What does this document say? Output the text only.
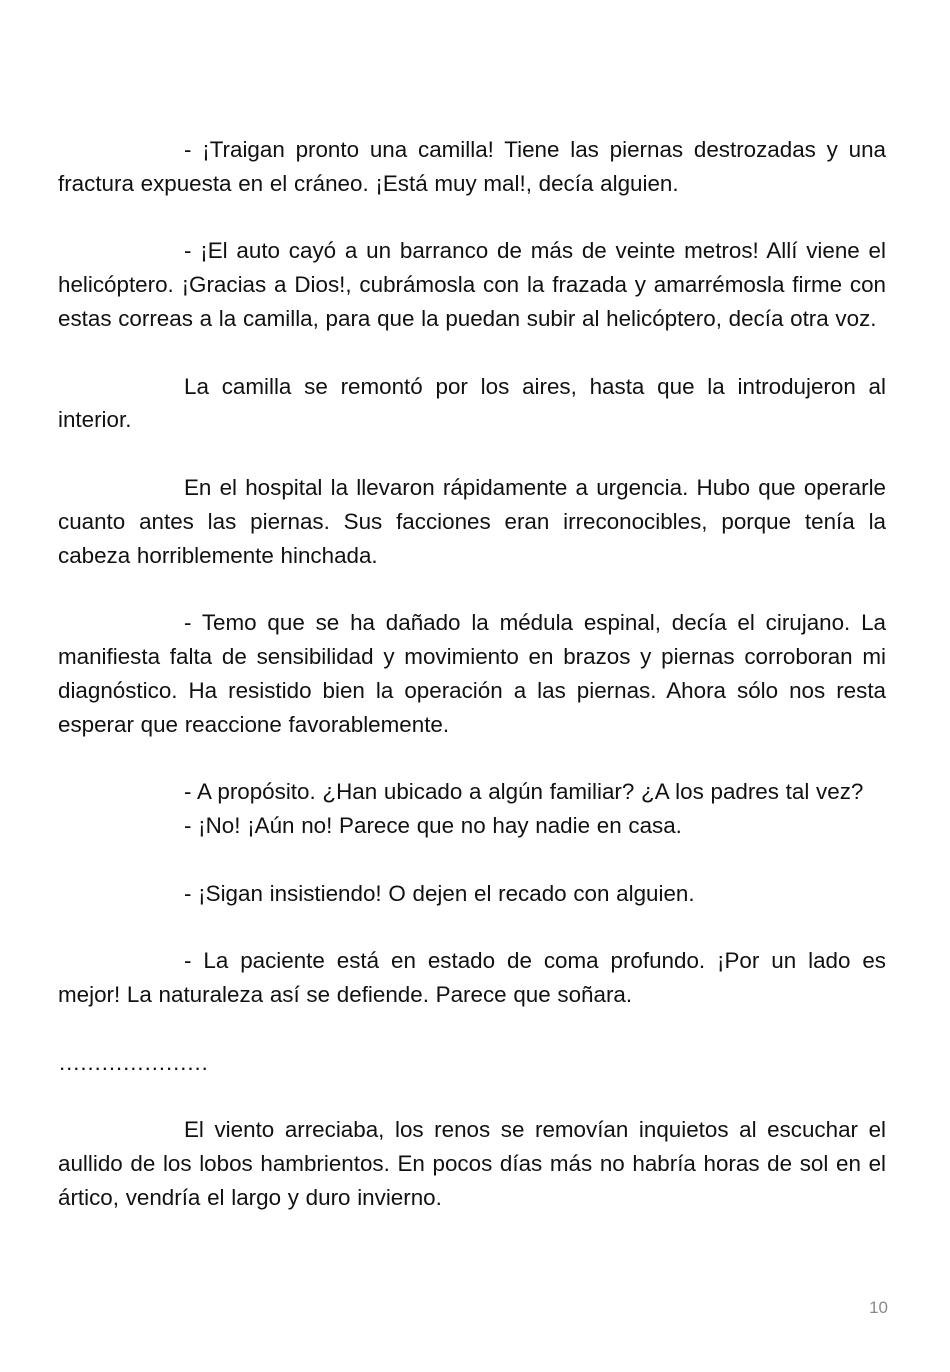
- ¡Traigan pronto una camilla! Tiene las piernas destrozadas y una fractura expuesta en el cráneo. ¡Está muy mal!, decía alguien.

- ¡El auto cayó a un barranco de más de veinte metros! Allí viene el helicóptero. ¡Gracias a Dios!, cubrámosla con la frazada y amarrémosla firme con estas correas a la camilla, para que la puedan subir al helicóptero, decía otra voz.

La camilla se remontó por los aires, hasta que la introdujeron al interior.

En el hospital la llevaron rápidamente a urgencia. Hubo que operarle cuanto antes las piernas. Sus facciones eran irreconocibles, porque tenía la cabeza horriblemente hinchada.

- Temo que se ha dañado la médula espinal, decía el cirujano. La manifiesta falta de sensibilidad y movimiento en brazos y piernas corroboran mi diagnóstico. Ha resistido bien la operación a las piernas. Ahora sólo nos resta esperar que reaccione favorablemente.

- A propósito. ¿Han ubicado a algún familiar? ¿A los padres tal vez?

- ¡No! ¡Aún no! Parece que no hay nadie en casa.

- ¡Sigan insistiendo! O dejen el recado con alguien.

- La paciente está en estado de coma profundo. ¡Por un lado es mejor! La naturaleza así se defiende. Parece que soñara.

…………………

El viento arreciaba, los renos se removían inquietos al escuchar el aullido de los lobos hambrientos. En pocos días más no habría horas de sol en el ártico, vendría el largo y duro invierno.

10
